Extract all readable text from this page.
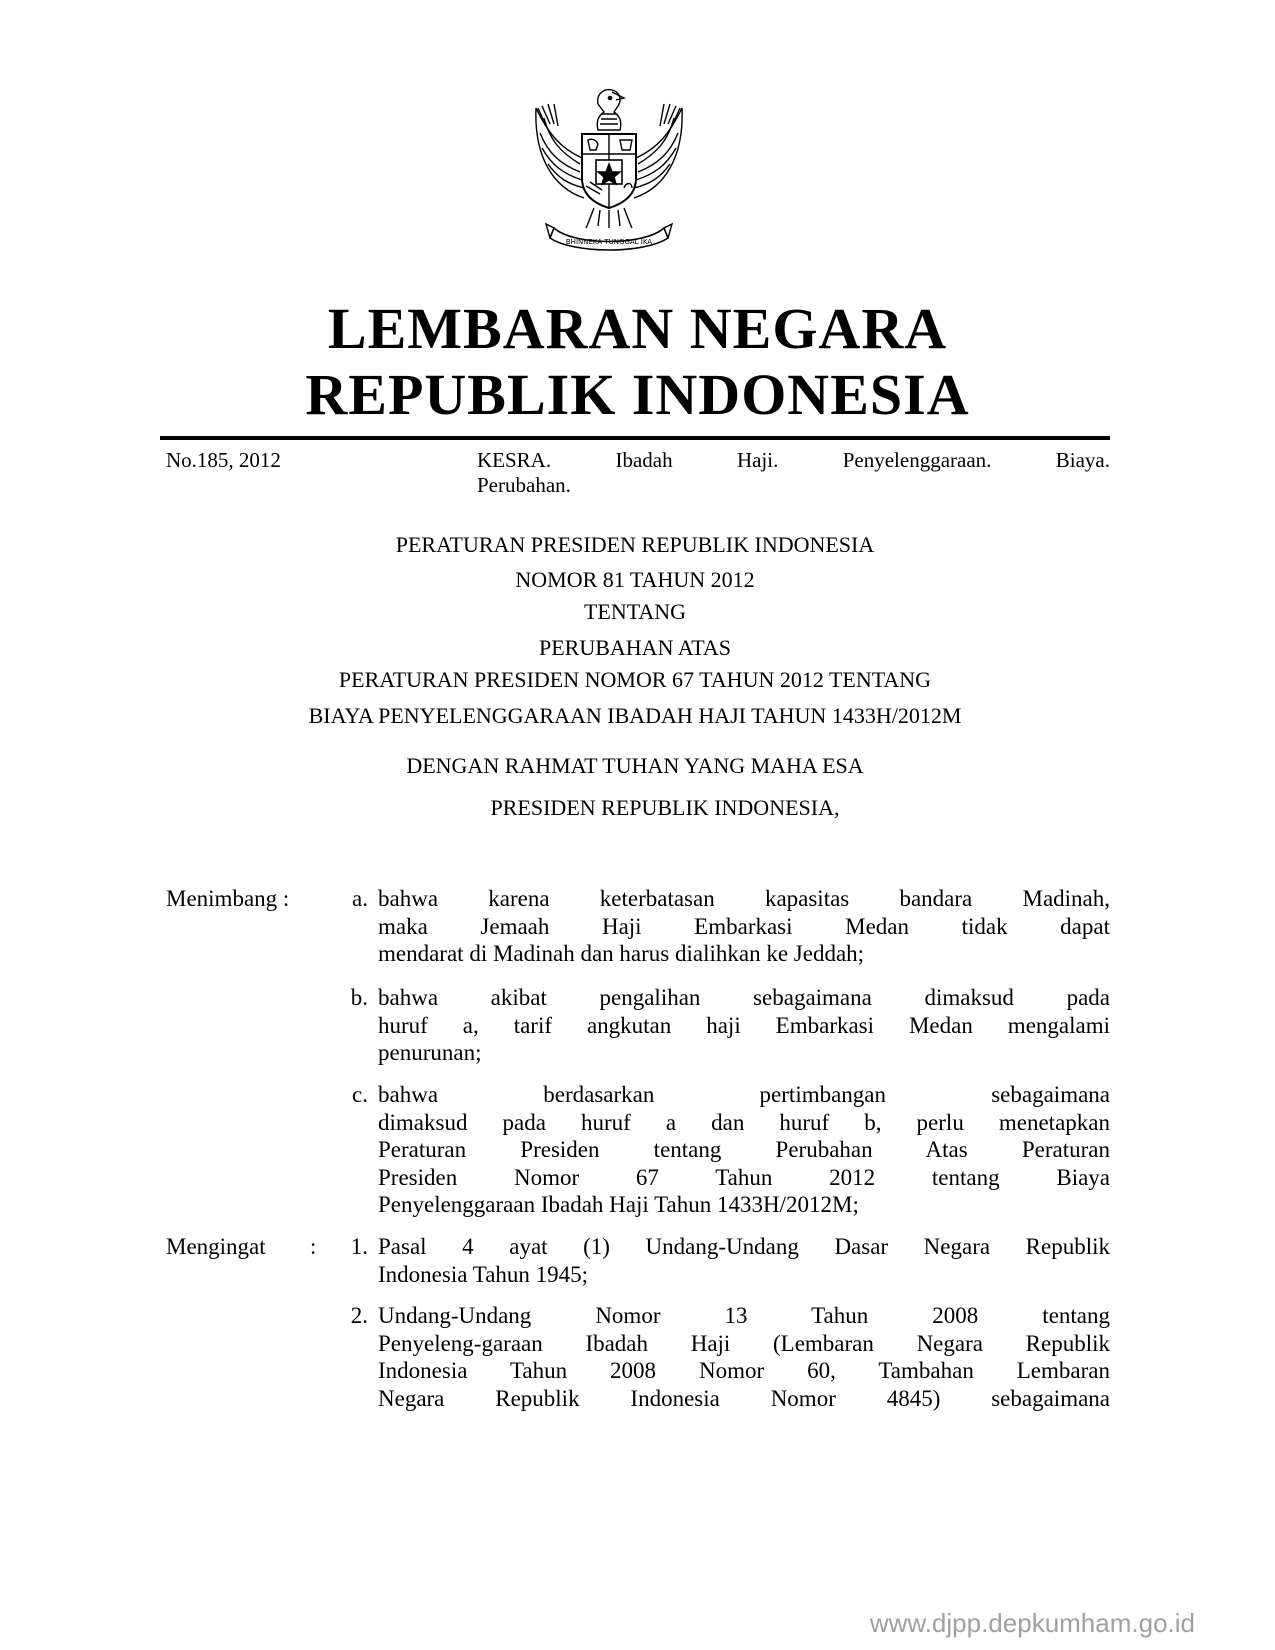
BHINNEKA TUNGGAL IKA
LEMBARAN NEGARA
REPUBLIK INDONESIA
No.185, 2012	KESRA. Ibadah Haji. Penyelenggaraan. Biaya.
Perubahan.
PERATURAN PRESIDEN REPUBLIK INDONESIA
NOMOR 81 TAHUN 2012
TENTANG
PERUBAHAN ATAS
PERATURAN PRESIDEN NOMOR 67 TAHUN 2012 TENTANG
BIAYA PENYELENGGARAAN IBADAH HAJI TAHUN 1433H/2012M
DENGAN RAHMAT TUHAN YANG MAHA ESA
PRESIDEN REPUBLIK INDONESIA,
Menimbang :	a. bahwa karena keterbatasan kapasitas bandara Madinah,
maka Jemaah Haji Embarkasi Medan tidak dapat
mendarat di Madinah dan harus dialihkan ke Jeddah;
b. bahwa akibat pengalihan sebagaimana dimaksud pada
huruf a, tarif angkutan haji Embarkasi Medan mengalami
penurunan;
c. bahwa berdasarkan pertimbangan sebagaimana
dimaksud pada huruf a dan huruf b, perlu menetapkan
Peraturan Presiden tentang Perubahan Atas Peraturan
Presiden Nomor 67 Tahun 2012 tentang Biaya
Penyelenggaraan Ibadah Haji Tahun 1433H/2012M;
Mengingat :	1. Pasal 4 ayat (1) Undang-Undang Dasar Negara Republik
Indonesia Tahun 1945;
2. Undang-Undang Nomor 13 Tahun 2008 tentang
Penyeleng-garaan Ibadah Haji (Lembaran Negara Republik
Indonesia Tahun 2008 Nomor 60, Tambahan Lembaran
Negara Republik Indonesia Nomor 4845) sebagaimana
www.djpp.depkumham.go.id
